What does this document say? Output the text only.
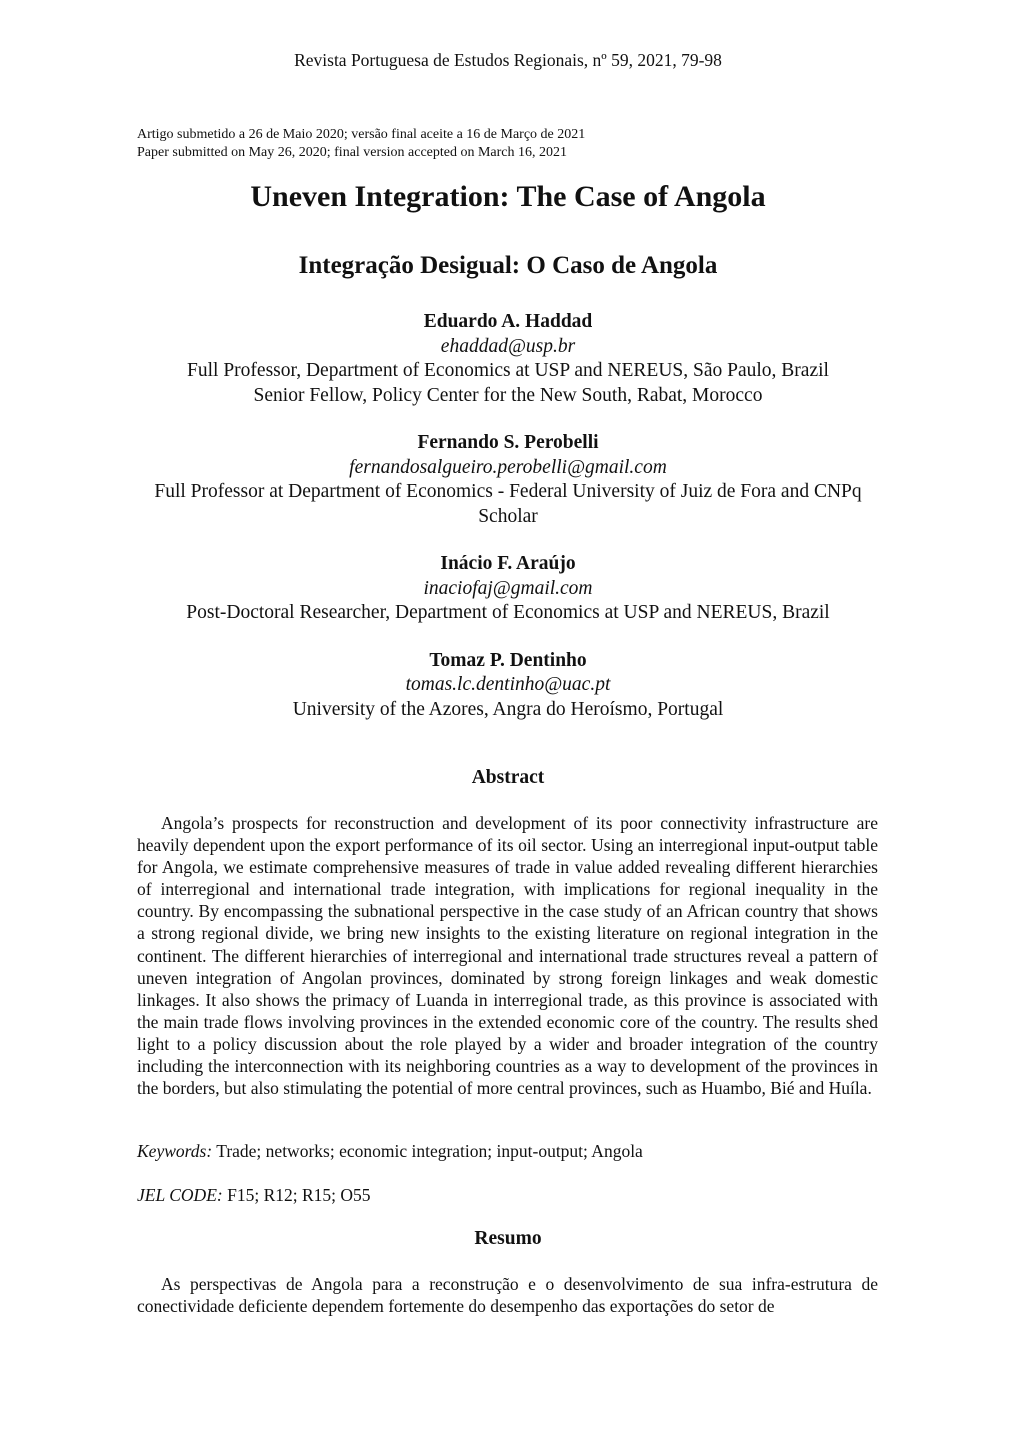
Revista Portuguesa de Estudos Regionais, nº 59, 2021, 79-98
Artigo submetido a 26 de Maio 2020; versão final aceite a 16 de Março de 2021
Paper submitted on May 26, 2020; final version accepted on March 16, 2021
Uneven Integration: The Case of Angola
Integração Desigual: O Caso de Angola
Eduardo A. Haddad
ehaddad@usp.br
Full Professor, Department of Economics at USP and NEREUS, São Paulo, Brazil
Senior Fellow, Policy Center for the New South, Rabat, Morocco
Fernando S. Perobelli
fernandosalgueiro.perobelli@gmail.com
Full Professor at Department of Economics - Federal University of Juiz de Fora and CNPq Scholar
Inácio F. Araújo
inaciofaj@gmail.com
Post-Doctoral Researcher, Department of Economics at USP and NEREUS, Brazil
Tomaz P. Dentinho
tomas.lc.dentinho@uac.pt
University of the Azores, Angra do Heroísmo, Portugal
Abstract

Angola’s prospects for reconstruction and development of its poor connectivity infrastructure are heavily dependent upon the export performance of its oil sector. Using an interregional input-output table for Angola, we estimate comprehensive measures of trade in value added revealing different hierarchies of interregional and international trade integration, with implications for regional inequality in the country. By encompassing the subnational perspective in the case study of an African country that shows a strong regional divide, we bring new insights to the existing literature on regional integration in the continent. The different hierarchies of interregional and international trade structures reveal a pattern of uneven integration of Angolan provinces, dominated by strong foreign linkages and weak domestic linkages. It also shows the primacy of Luanda in interregional trade, as this province is associated with the main trade flows involving provinces in the extended economic core of the country. The results shed light to a policy discussion about the role played by a wider and broader integration of the country including the interconnection with its neighboring countries as a way to development of the provinces in the borders, but also stimulating the potential of more central provinces, such as Huambo, Bié and Huíla.

Keywords: Trade; networks; economic integration; input-output; Angola
JEL CODE: F15; R12; R15; O55
Resumo

As perspectivas de Angola para a reconstrução e o desenvolvimento de sua infra-estrutura de conectividade deficiente dependem fortemente do desempenho das exportações do setor de
